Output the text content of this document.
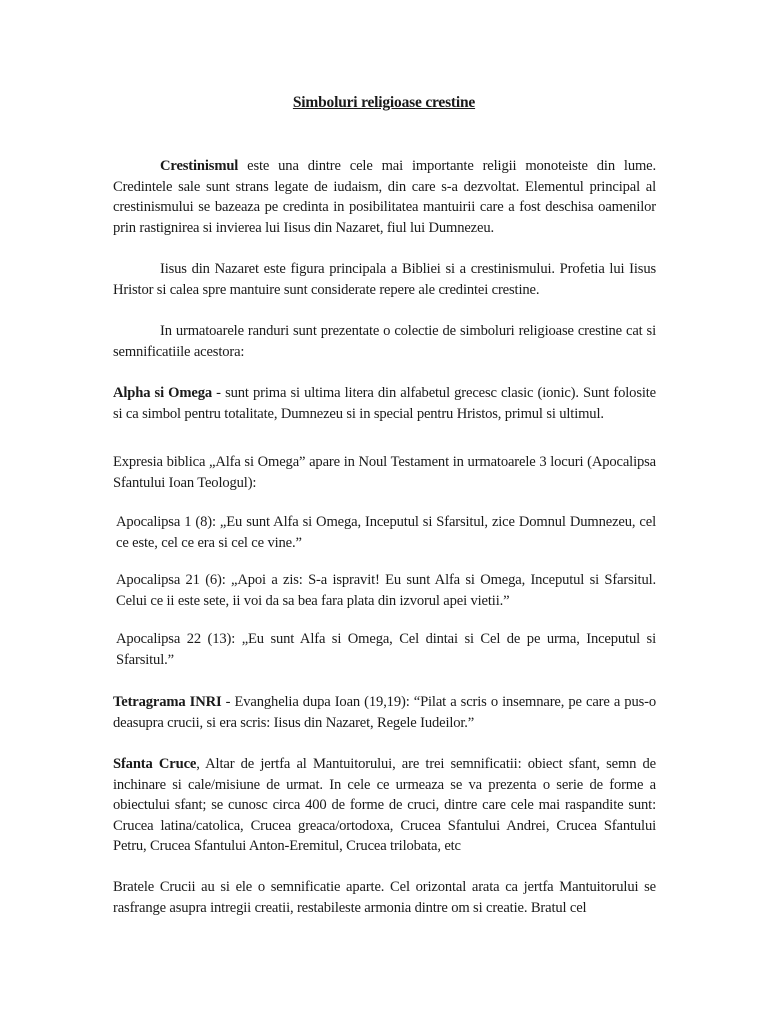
Simboluri religioase crestine
Crestinismul este una dintre cele mai importante religii monoteiste din lume. Credintele sale sunt strans legate de iudaism, din care s-a dezvoltat. Elementul principal al crestinismului se bazeaza pe credinta in posibilitatea mantuirii care a fost deschisa oamenilor prin rastignirea si invierea lui Iisus din Nazaret, fiul lui Dumnezeu.
Iisus din Nazaret este figura principala a Bibliei si a crestinismului. Profetia lui Iisus Hristor si calea spre mantuire sunt considerate repere ale credintei crestine.
In urmatoarele randuri sunt prezentate o colectie de simboluri religioase crestine cat si semnificatiile acestora:
Alpha si Omega - sunt prima si ultima litera din alfabetul grecesc clasic (ionic). Sunt folosite si ca simbol pentru totalitate, Dumnezeu si in special pentru Hristos, primul si ultimul.
Expresia biblica „Alfa si Omega” apare in Noul Testament in urmatoarele 3 locuri (Apocalipsa Sfantului Ioan Teologul):
Apocalipsa 1 (8): „Eu sunt Alfa si Omega, Inceputul si Sfarsitul, zice Domnul Dumnezeu, cel ce este, cel ce era si cel ce vine.”
Apocalipsa 21 (6): „Apoi a zis: S-a ispravit! Eu sunt Alfa si Omega, Inceputul si Sfarsitul. Celui ce ii este sete, ii voi da sa bea fara plata din izvorul apei vietii.”
Apocalipsa 22 (13): „Eu sunt Alfa si Omega, Cel dintai si Cel de pe urma, Inceputul si Sfarsitul.”
Tetragrama INRI - Evanghelia dupa Ioan (19,19): “Pilat a scris o insemnare, pe care a pus-o deasupra crucii, si era scris: Iisus din Nazaret, Regele Iudeilor.”
Sfanta Cruce, Altar de jertfa al Mantuitorului, are trei semnificatii: obiect sfant, semn de inchinare si cale/misiune de urmat. In cele ce urmeaza se va prezenta o serie de forme a obiectului sfant; se cunosc circa 400 de forme de cruci, dintre care cele mai raspandite sunt: Crucea latina/catolica, Crucea greaca/ortodoxa, Crucea Sfantului Andrei, Crucea Sfantului Petru, Crucea Sfantului Anton-Eremitul, Crucea trilobata, etc
Bratele Crucii au si ele o semnificatie aparte. Cel orizontal arata ca jertfa Mantuitorului se rasfrange asupra intregii creatii, restabileste armonia dintre om si creatie. Bratul cel
